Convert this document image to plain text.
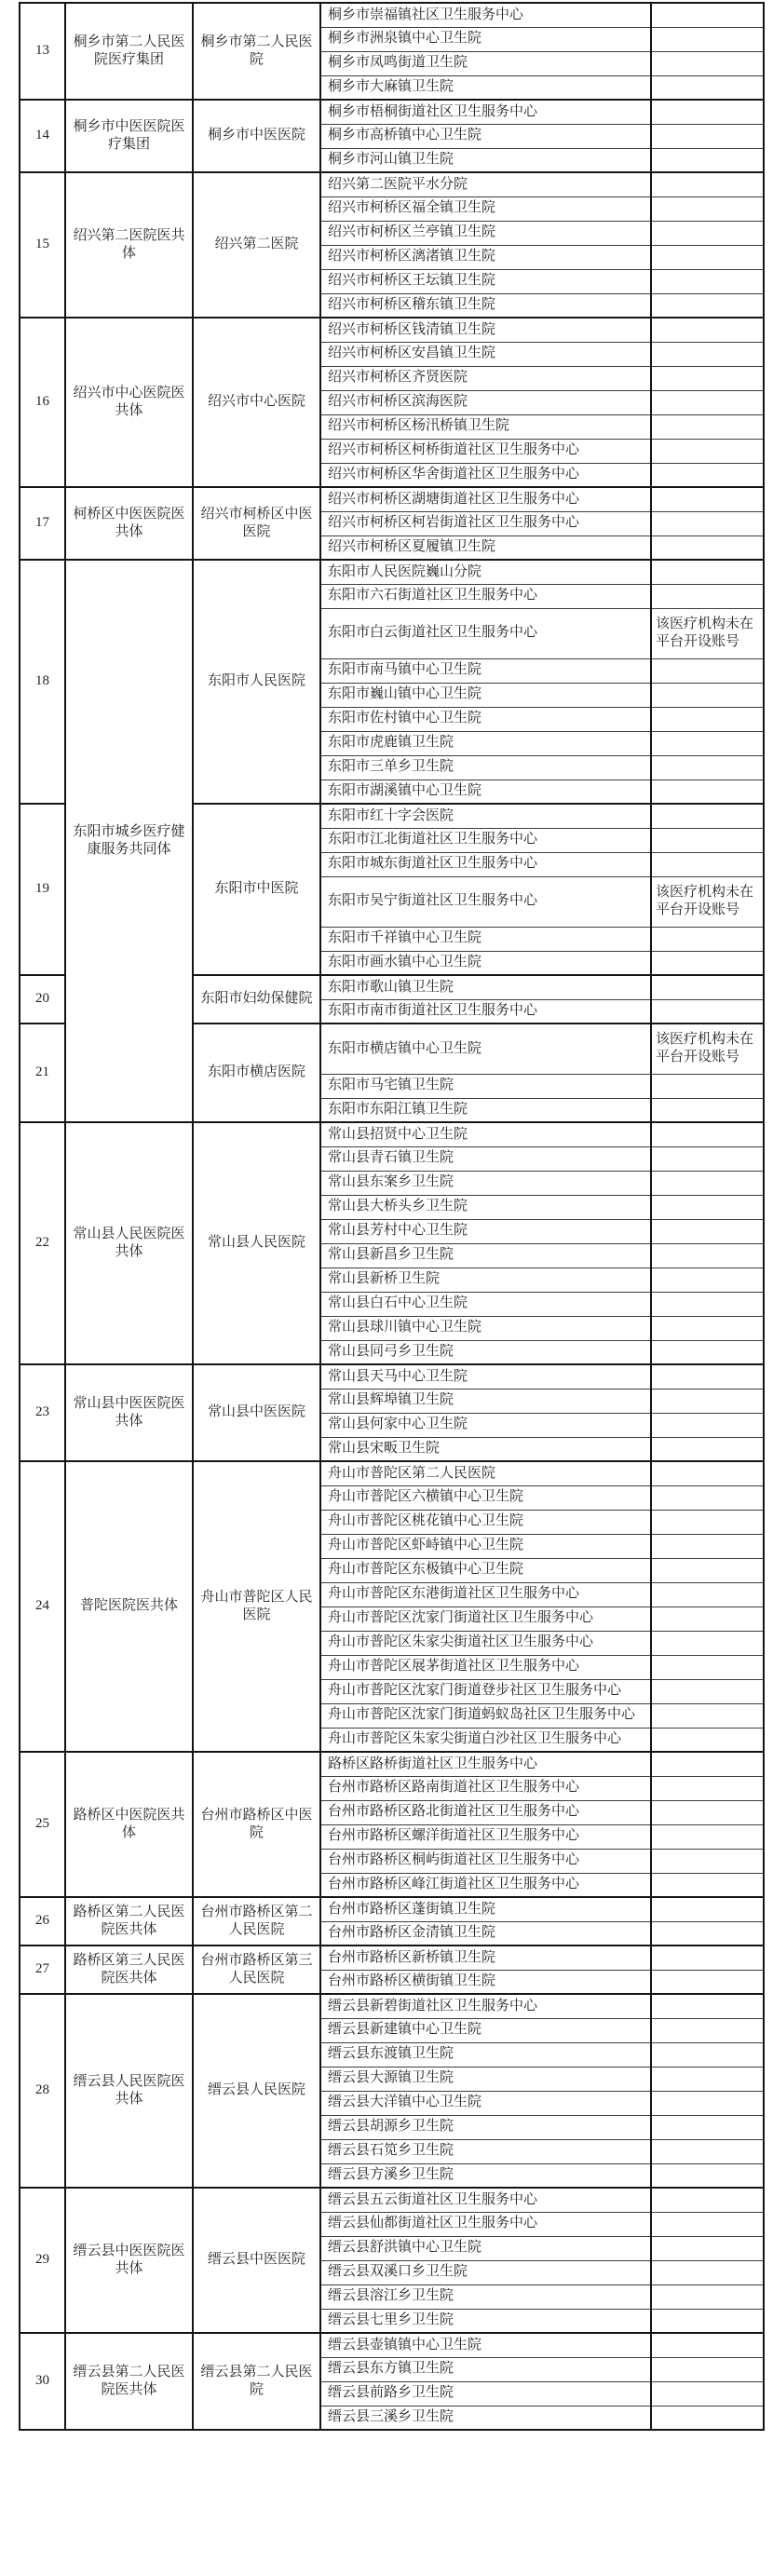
13	桐乡市第二人民医院医疗集团	桐乡市第二人民医院	桐乡市崇福镇社区卫生服务中心	
			桐乡市洲泉镇中心卫生院	
			桐乡市凤鸣街道卫生院	
			桐乡市大麻镇卫生院	
14	桐乡市中医医院医疗集团	桐乡市中医医院	桐乡市梧桐街道社区卫生服务中心	
			桐乡市高桥镇中心卫生院	
			桐乡市河山镇卫生院	
15	绍兴第二医院医共体	绍兴第二医院	绍兴第二医院平水分院	
			绍兴市柯桥区福全镇卫生院	
			绍兴市柯桥区兰亭镇卫生院	
			绍兴市柯桥区漓渚镇卫生院	
			绍兴市柯桥区王坛镇卫生院	
			绍兴市柯桥区稽东镇卫生院	
16	绍兴市中心医院医共体	绍兴市中心医院	绍兴市柯桥区钱清镇卫生院	
			绍兴市柯桥区安昌镇卫生院	
			绍兴市柯桥区齐贤医院	
			绍兴市柯桥区滨海医院	
			绍兴市柯桥区杨汛桥镇卫生院	
			绍兴市柯桥区柯桥街道社区卫生服务中心	
			绍兴市柯桥区华舍街道社区卫生服务中心	
17	柯桥区中医医院医共体	绍兴市柯桥区中医医院	绍兴市柯桥区湖塘街道社区卫生服务中心	
			绍兴市柯桥区柯岩街道社区卫生服务中心	
			绍兴市柯桥区夏履镇卫生院	
18	东阳市城乡医疗健康服务共同体	东阳市人民医院	东阳市人民医院巍山分院	
			东阳市六石街道社区卫生服务中心	
			东阳市白云街道社区卫生服务中心	该医疗机构未在平台开设账号
			东阳市南马镇中心卫生院	
			东阳市巍山镇中心卫生院	
			东阳市佐村镇中心卫生院	
			东阳市虎鹿镇卫生院	
			东阳市三单乡卫生院	
			东阳市湖溪镇中心卫生院	
19		东阳市中医院	东阳市红十字会医院	
			东阳市江北街道社区卫生服务中心	
			东阳市城东街道社区卫生服务中心	
			东阳市吴宁街道社区卫生服务中心	该医疗机构未在平台开设账号
			东阳市千祥镇中心卫生院	
			东阳市画水镇中心卫生院	
20		东阳市妇幼保健院	东阳市歌山镇卫生院	
			东阳市南市街道社区卫生服务中心	
21		东阳市横店医院	东阳市横店镇中心卫生院	该医疗机构未在平台开设账号
			东阳市马宅镇卫生院	
			东阳市东阳江镇卫生院	
22	常山县人民医院医共体	常山县人民医院	常山县招贤中心卫生院	
			常山县青石镇卫生院	
			常山县东案乡卫生院	
			常山县大桥头乡卫生院	
			常山县芳村中心卫生院	
			常山县新昌乡卫生院	
			常山县新桥卫生院	
			常山县白石中心卫生院	
			常山县球川镇中心卫生院	
			常山县同弓乡卫生院	
23	常山县中医医院医共体	常山县中医医院	常山县天马中心卫生院	
			常山县辉埠镇卫生院	
			常山县何家中心卫生院	
			常山县宋畈卫生院	
24	普陀医院医共体	舟山市普陀区人民医院	舟山市普陀区第二人民医院	
			舟山市普陀区六横镇中心卫生院	
			舟山市普陀区桃花镇中心卫生院	
			舟山市普陀区虾峙镇中心卫生院	
			舟山市普陀区东极镇中心卫生院	
			舟山市普陀区东港街道社区卫生服务中心	
			舟山市普陀区沈家门街道社区卫生服务中心	
			舟山市普陀区朱家尖街道社区卫生服务中心	
			舟山市普陀区展茅街道社区卫生服务中心	
			舟山市普陀区沈家门街道登步社区卫生服务中心	
			舟山市普陀区沈家门街道蚂蚁岛社区卫生服务中心	
			舟山市普陀区朱家尖街道白沙社区卫生服务中心	
25	路桥区中医院医共体	台州市路桥区中医院	路桥区路桥街道社区卫生服务中心	
			台州市路桥区路南街道社区卫生服务中心	
			台州市路桥区路北街道社区卫生服务中心	
			台州市路桥区螺洋街道社区卫生服务中心	
			台州市路桥区桐屿街道社区卫生服务中心	
			台州市路桥区峰江街道社区卫生服务中心	
26	路桥区第二人民医院医共体	台州市路桥区第二人民医院	台州市路桥区蓬街镇卫生院	
			台州市路桥区金清镇卫生院	
27	路桥区第三人民医院医共体	台州市路桥区第三人民医院	台州市路桥区新桥镇卫生院	
			台州市路桥区横街镇卫生院	
28	缙云县人民医院医共体	缙云县人民医院	缙云县新碧街道社区卫生服务中心	
			缙云县新建镇中心卫生院	
			缙云县东渡镇卫生院	
			缙云县大源镇卫生院	
			缙云县大洋镇中心卫生院	
			缙云县胡源乡卫生院	
			缙云县石笕乡卫生院	
			缙云县方溪乡卫生院	
29	缙云县中医医院医共体	缙云县中医医院	缙云县五云街道社区卫生服务中心	
			缙云县仙都街道社区卫生服务中心	
			缙云县舒洪镇中心卫生院	
			缙云县双溪口乡卫生院	
			缙云县溶江乡卫生院	
			缙云县七里乡卫生院	
30	缙云县第二人民医院医共体	缙云县第二人民医院	缙云县壶镇镇中心卫生院	
			缙云县东方镇卫生院	
			缙云县前路乡卫生院	
			缙云县三溪乡卫生院	
